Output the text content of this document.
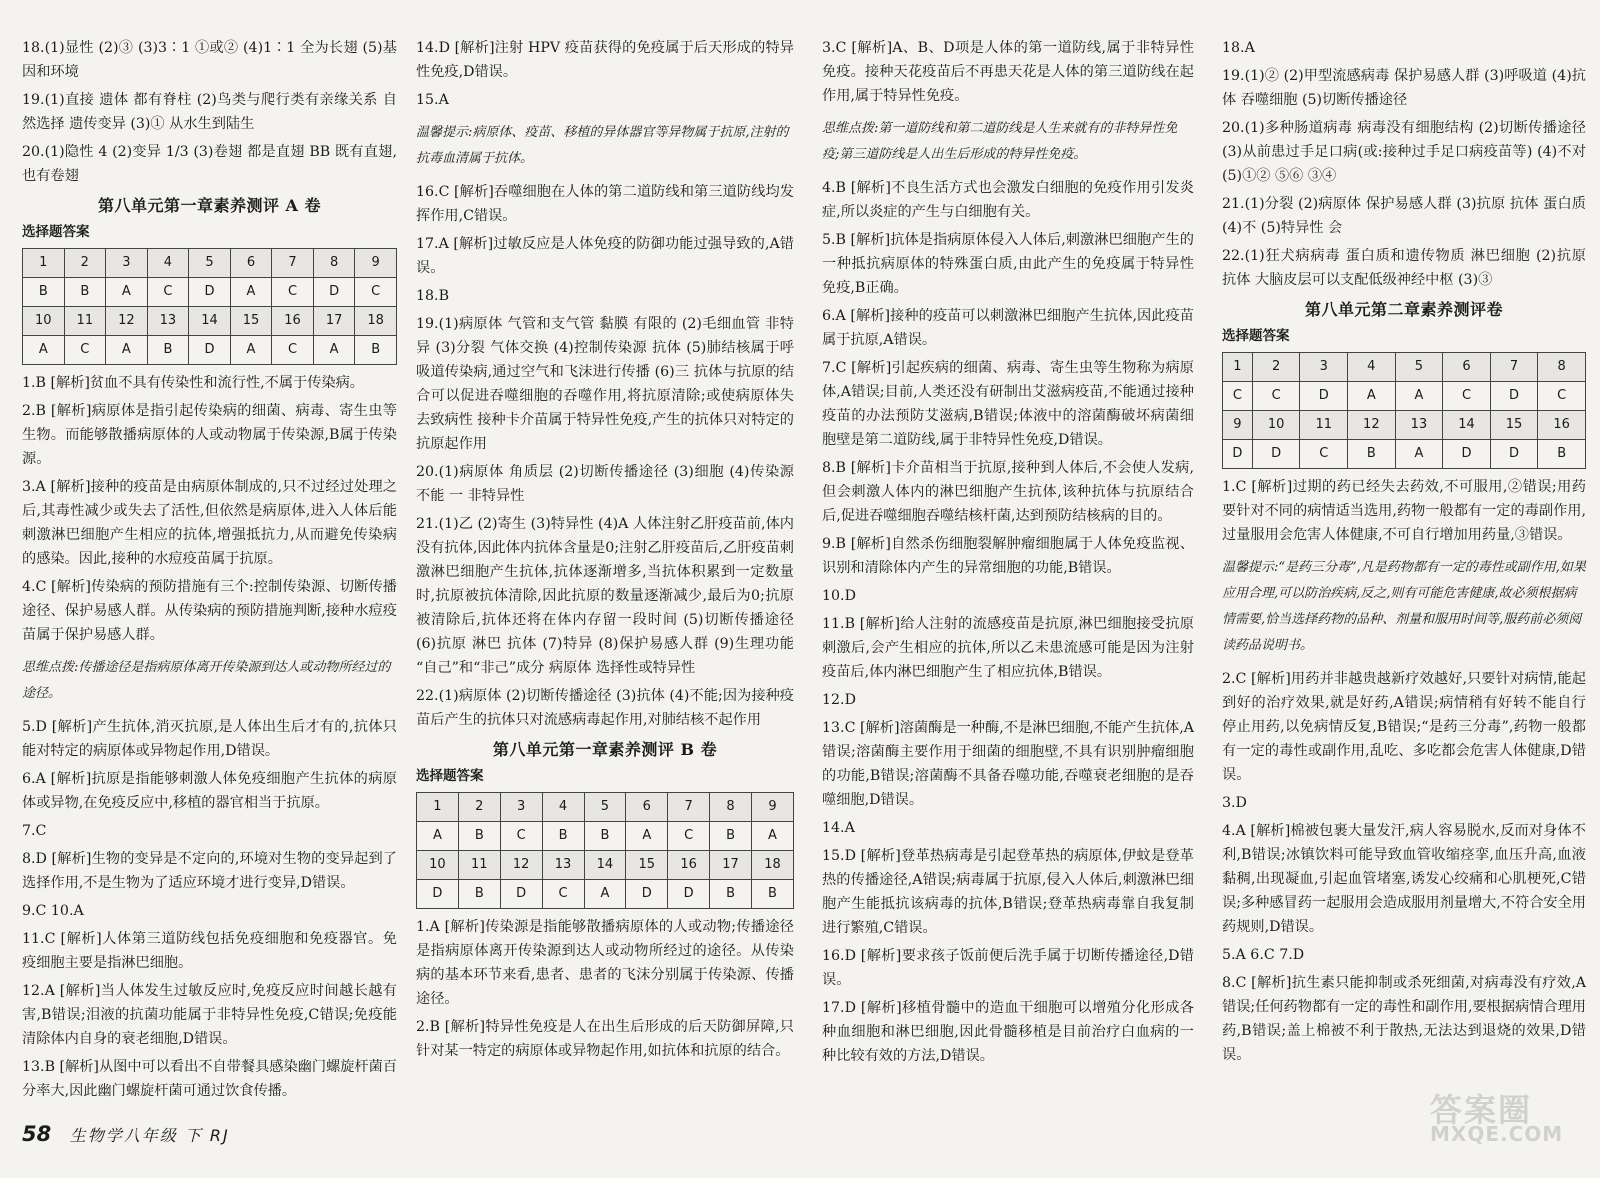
18.(1)显性 (2)③ (3)3∶1 ①或② (4)1∶1 全为长翅 (5)基因和环境
19.(1)直接 遗体 都有脊柱 (2)鸟类与爬行类有亲缘关系 自然选择 遗传变异 (3)① 从水生到陆生
20.(1)隐性 4 (2)变异 1/3 (3)卷翅 都是直翅 BB 既有直翅,也有卷翅
第八单元第一章素养测评 A 卷
选择题答案
1	2	3	4	5	6	7	8	9
B	B	A	C	D	A	C	D	C
10	11	12	13	14	15	16	17	18
A	C	A	B	D	A	C	A	B
1.B [解析]贫血不具有传染性和流行性,不属于传染病。
2.B [解析]病原体是指引起传染病的细菌、病毒、寄生虫等生物。而能够散播病原体的人或动物属于传染源,B属于传染源。
3.A [解析]接种的疫苗是由病原体制成的,只不过经过处理之后,其毒性减少或失去了活性,但依然是病原体,进入人体后能刺激淋巴细胞产生相应的抗体,增强抵抗力,从而避免传染病的感染。因此,接种的水痘疫苗属于抗原。
4.C [解析]传染病的预防措施有三个:控制传染源、切断传播途径、保护易感人群。从传染病的预防措施判断,接种水痘疫苗属于保护易感人群。
思维点拨:传播途径是指病原体离开传染源到达人或动物所经过的途径。
5.D [解析]产生抗体,消灭抗原,是人体出生后才有的,抗体只能对特定的病原体或异物起作用,D错误。
6.A [解析]抗原是指能够刺激人体免疫细胞产生抗体的病原体或异物,在免疫反应中,移植的器官相当于抗原。
7.C
8.D [解析]生物的变异是不定向的,环境对生物的变异起到了选择作用,不是生物为了适应环境才进行变异,D错误。
9.C 10.A
11.C [解析]人体第三道防线包括免疫细胞和免疫器官。免疫细胞主要是指淋巴细胞。
12.A [解析]当人体发生过敏反应时,免疫反应时间越长越有害,B错误;泪液的抗菌功能属于非特异性免疫,C错误;免疫能清除体内自身的衰老细胞,D错误。
13.B [解析]从图中可以看出不自带餐具感染幽门螺旋杆菌百分率大,因此幽门螺旋杆菌可通过饮食传播。
14.D [解析]注射 HPV 疫苗获得的免疫属于后天形成的特异性免疫,D错误。
15.A
温馨提示:病原体、疫苗、移植的异体器官等异物属于抗原,注射的抗毒血清属于抗体。
16.C [解析]吞噬细胞在人体的第二道防线和第三道防线均发挥作用,C错误。
17.A [解析]过敏反应是人体免疫的防御功能过强导致的,A错误。
18.B
19.(1)病原体 气管和支气管 黏膜 有限的 (2)毛细血管 非特异 (3)分裂 气体交换 (4)控制传染源 抗体 (5)肺结核属于呼吸道传染病,通过空气和飞沫进行传播 (6)三 抗体与抗原的结合可以促进吞噬细胞的吞噬作用,将抗原清除;或使病原体失去致病性 接种卡介苗属于特异性免疫,产生的抗体只对特定的抗原起作用
20.(1)病原体 角质层 (2)切断传播途径 (3)细胞 (4)传染源 不能 一 非特异性
21.(1)乙 (2)寄生 (3)特异性 (4)A 人体注射乙肝疫苗前,体内没有抗体,因此体内抗体含量是0;注射乙肝疫苗后,乙肝疫苗刺激淋巴细胞产生抗体,抗体逐渐增多,当抗体积累到一定数量时,抗原被抗体清除,因此抗原的数量逐渐减少,最后为0;抗原被清除后,抗体还将在体内存留一段时间 (5)切断传播途径 (6)抗原 淋巴 抗体 (7)特异 (8)保护易感人群 (9)生理功能 “自己”和“非己”成分 病原体 选择性或特异性
22.(1)病原体 (2)切断传播途径 (3)抗体 (4)不能;因为接种疫苗后产生的抗体只对流感病毒起作用,对肺结核不起作用
第八单元第一章素养测评 B 卷
选择题答案
1	2	3	4	5	6	7	8	9
A	B	C	B	B	A	C	B	A
10	11	12	13	14	15	16	17	18
D	B	D	C	A	D	D	B	B
1.A [解析]传染源是指能够散播病原体的人或动物;传播途径是指病原体离开传染源到达人或动物所经过的途径。从传染病的基本环节来看,患者、患者的飞沫分别属于传染源、传播途径。
2.B [解析]特异性免疫是人在出生后形成的后天防御屏障,只针对某一特定的病原体或异物起作用,如抗体和抗原的结合。
3.C [解析]A、B、D项是人体的第一道防线,属于非特异性免疫。接种天花疫苗后不再患天花是人体的第三道防线在起作用,属于特异性免疫。
思维点拨:第一道防线和第二道防线是人生来就有的非特异性免疫;第三道防线是人出生后形成的特异性免疫。
4.B [解析]不良生活方式也会激发白细胞的免疫作用引发炎症,所以炎症的产生与白细胞有关。
5.B [解析]抗体是指病原体侵入人体后,刺激淋巴细胞产生的一种抵抗病原体的特殊蛋白质,由此产生的免疫属于特异性免疫,B正确。
6.A [解析]接种的疫苗可以刺激淋巴细胞产生抗体,因此疫苗属于抗原,A错误。
7.C [解析]引起疾病的细菌、病毒、寄生虫等生物称为病原体,A错误;目前,人类还没有研制出艾滋病疫苗,不能通过接种疫苗的办法预防艾滋病,B错误;体液中的溶菌酶破坏病菌细胞壁是第二道防线,属于非特异性免疫,D错误。
8.B [解析]卡介苗相当于抗原,接种到人体后,不会使人发病,但会刺激人体内的淋巴细胞产生抗体,该种抗体与抗原结合后,促进吞噬细胞吞噬结核杆菌,达到预防结核病的目的。
9.B [解析]自然杀伤细胞裂解肿瘤细胞属于人体免疫监视、识别和清除体内产生的异常细胞的功能,B错误。
10.D
11.B [解析]给人注射的流感疫苗是抗原,淋巴细胞接受抗原刺激后,会产生相应的抗体,所以乙未患流感可能是因为注射疫苗后,体内淋巴细胞产生了相应抗体,B错误。
12.D
13.C [解析]溶菌酶是一种酶,不是淋巴细胞,不能产生抗体,A错误;溶菌酶主要作用于细菌的细胞壁,不具有识别肿瘤细胞的功能,B错误;溶菌酶不具备吞噬功能,吞噬衰老细胞的是吞噬细胞,D错误。
14.A
15.D [解析]登革热病毒是引起登革热的病原体,伊蚊是登革热的传播途径,A错误;病毒属于抗原,侵入人体后,刺激淋巴细胞产生能抵抗该病毒的抗体,B错误;登革热病毒靠自我复制进行繁殖,C错误。
16.D [解析]要求孩子饭前便后洗手属于切断传播途径,D错误。
17.D [解析]移植骨髓中的造血干细胞可以增殖分化形成各种血细胞和淋巴细胞,因此骨髓移植是目前治疗白血病的一种比较有效的方法,D错误。
18.A
19.(1)② (2)甲型流感病毒 保护易感人群 (3)呼吸道 (4)抗体 吞噬细胞 (5)切断传播途径
20.(1)多种肠道病毒 病毒没有细胞结构 (2)切断传播途径 (3)从前患过手足口病(或:接种过手足口病疫苗等) (4)不对 (5)①② ⑤⑥ ③④
21.(1)分裂 (2)病原体 保护易感人群 (3)抗原 抗体 蛋白质 (4)不 (5)特异性 会
22.(1)狂犬病病毒 蛋白质和遗传物质 淋巴细胞 (2)抗原 抗体 大脑皮层可以支配低级神经中枢 (3)③
第八单元第二章素养测评卷
选择题答案
1	2	3	4	5	6	7	8
C	C	D	A	A	C	D	C
9	10	11	12	13	14	15	16
D	D	C	B	A	D	D	B
1.C [解析]过期的药已经失去药效,不可服用,②错误;用药要针对不同的病情适当选用,药物一般都有一定的毒副作用,过量服用会危害人体健康,不可自行增加用药量,③错误。
温馨提示:“是药三分毒”,凡是药物都有一定的毒性或副作用,如果应用合理,可以防治疾病,反之,则有可能危害健康,故必须根据病情需要,恰当选择药物的品种、剂量和服用时间等,服药前必须阅读药品说明书。
2.C [解析]用药并非越贵越新疗效越好,只要针对病情,能起到好的治疗效果,就是好药,A错误;病情稍有好转不能自行停止用药,以免病情反复,B错误;“是药三分毒”,药物一般都有一定的毒性或副作用,乱吃、多吃都会危害人体健康,D错误。
3.D
4.A [解析]棉被包裹大量发汗,病人容易脱水,反而对身体不利,B错误;冰镇饮料可能导致血管收缩痉挛,血压升高,血液黏稠,出现凝血,引起血管堵塞,诱发心绞痛和心肌梗死,C错误;多种感冒药一起服用会造成服用剂量增大,不符合安全用药规则,D错误。
5.A 6.C 7.D
8.C [解析]抗生素只能抑制或杀死细菌,对病毒没有疗效,A错误;任何药物都有一定的毒性和副作用,要根据病情合理用药,B错误;盖上棉被不利于散热,无法达到退烧的效果,D错误。
58 生物学八年级 下 RJ
答案圈
MXQE.COM
